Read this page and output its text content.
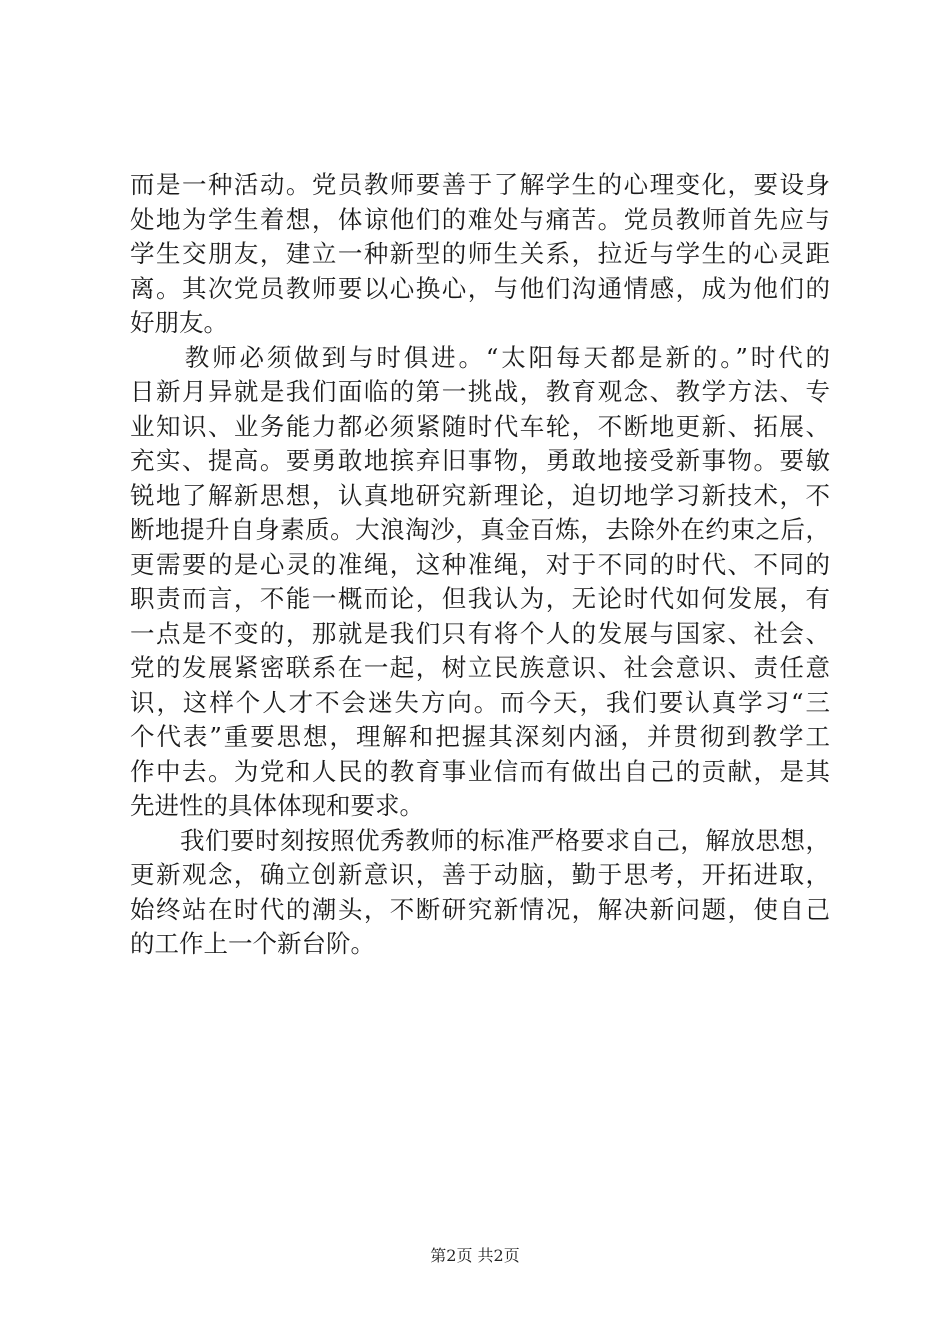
而是一种活动。党员教师要善于了解学生的心理变化，要设身
处地为学生着想，体谅他们的难处与痛苦。党员教师首先应与
学生交朋友，建立一种新型的师生关系，拉近与学生的心灵距
离。其次党员教师要以心换心，与他们沟通情感，成为他们的
好朋友。
　　教师必须做到与时俱进。“太阳每天都是新的。”时代的
日新月异就是我们面临的第一挑战，教育观念、教学方法、专
业知识、业务能力都必须紧随时代车轮，不断地更新、拓展、
充实、提高。要勇敢地摈弃旧事物，勇敢地接受新事物。要敏
锐地了解新思想，认真地研究新理论，迫切地学习新技术，不
断地提升自身素质。大浪淘沙，真金百炼，去除外在约束之后，
更需要的是心灵的准绳，这种准绳，对于不同的时代、不同的
职责而言，不能一概而论，但我认为，无论时代如何发展，有
一点是不变的，那就是我们只有将个人的发展与国家、社会、
党的发展紧密联系在一起，树立民族意识、社会意识、责任意
识，这样个人才不会迷失方向。而今天，我们要认真学习“三
个代表”重要思想，理解和把握其深刻内涵，并贯彻到教学工
作中去。为党和人民的教育事业信而有做出自己的贡献，是其
先进性的具体体现和要求。
　　我们要时刻按照优秀教师的标准严格要求自己，解放思想，
更新观念，确立创新意识，善于动脑，勤于思考，开拓进取，
始终站在时代的潮头，不断研究新情况，解决新问题，使自己
的工作上一个新台阶。
第2页 共2页
